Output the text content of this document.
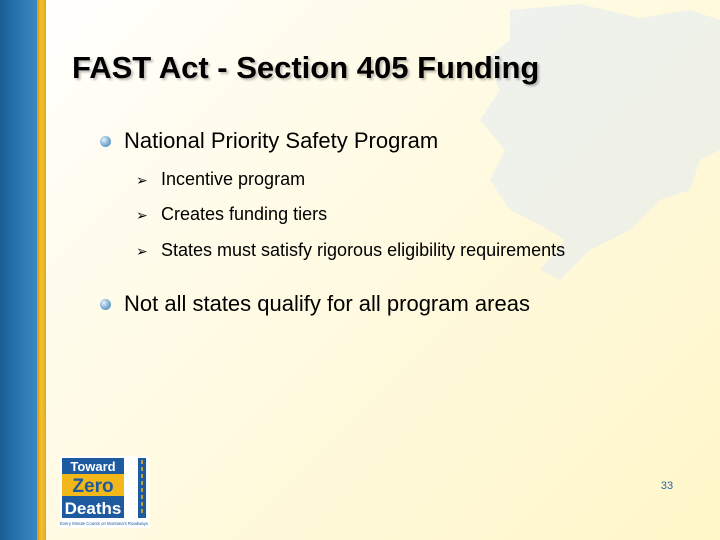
FAST Act - Section 405 Funding
National Priority Safety Program
➢ Incentive program
➢ Creates funding tiers
➢ States must satisfy rigorous eligibility requirements
Not all states qualify for all program areas
Toward
Zero
Deaths
Every Minute Counts on Montana's Roadways
33
